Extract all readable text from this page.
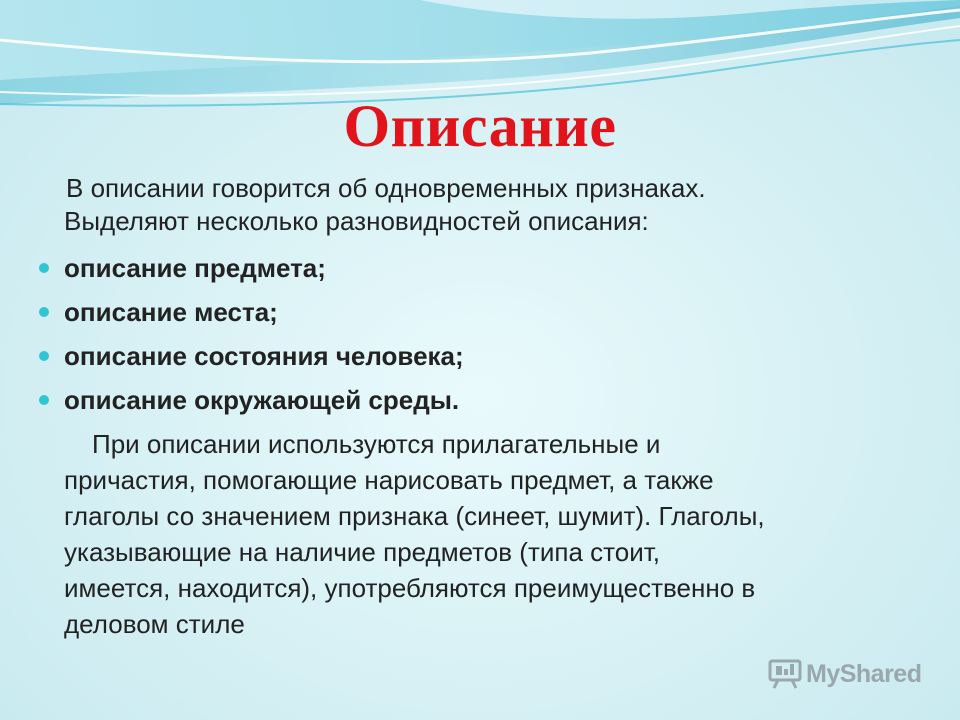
Описание
В описании говорится об одновременных признаках.
Выделяют несколько разновидностей описания:
описание предмета;
описание места;
описание состояния человека;
описание окружающей среды.
При описании используются прилагательные и
причастия, помогающие нарисовать предмет, а также
глаголы со значением признака (синеет, шумит). Глаголы,
указывающие на наличие предметов (типа стоит,
имеется, находится), употребляются преимущественно в
деловом стиле
MyShared
